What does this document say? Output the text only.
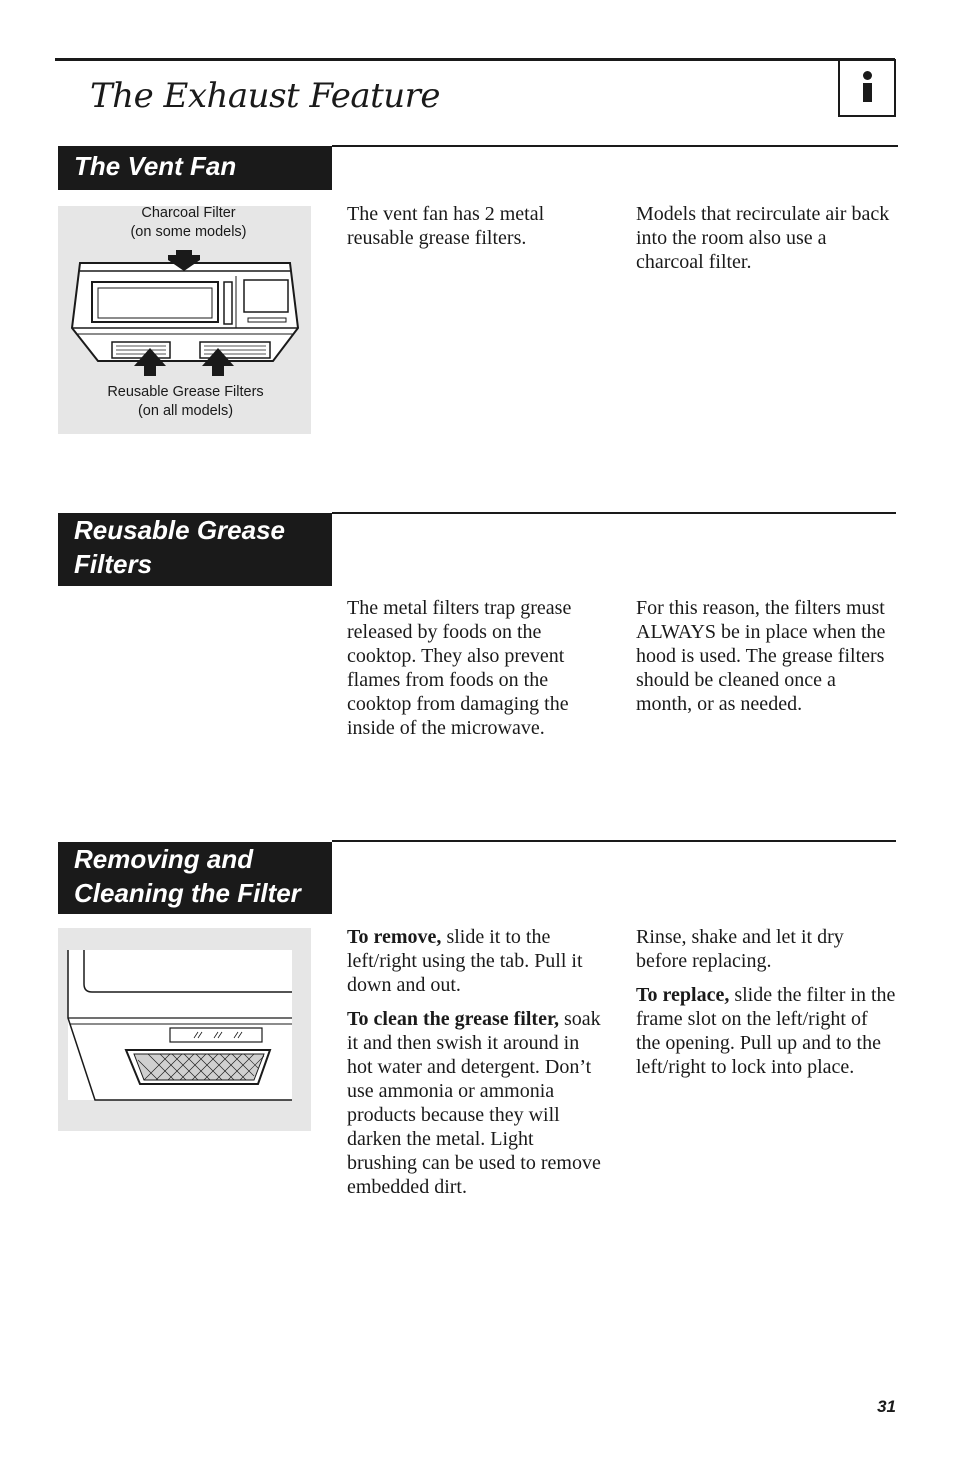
The Exhaust Feature
The Vent Fan
Charcoal Filter
(on some models)
Reusable Grease Filters
(on all models)

The vent fan has 2 metal reusable grease filters.

Models that recirculate air back into the room also use a charcoal filter.

Reusable Grease
Filters

The metal filters trap grease released by foods on the cooktop. They also prevent flames from foods on the cooktop from damaging the inside of the microwave.

For this reason, the filters must ALWAYS be in place when the hood is used. The grease filters should be cleaned once a month, or as needed.

Removing and
Cleaning the Filter

To remove, slide it to the left/right using the tab. Pull it down and out.

To clean the grease filter, soak it and then swish it around in hot water and detergent. Don’t use ammonia or ammonia products because they will darken the metal. Light brushing can be used to remove embedded dirt.

Rinse, shake and let it dry before replacing.

To replace, slide the filter in the frame slot on the left/right of the opening. Pull up and to the left/right to lock into place.

31
